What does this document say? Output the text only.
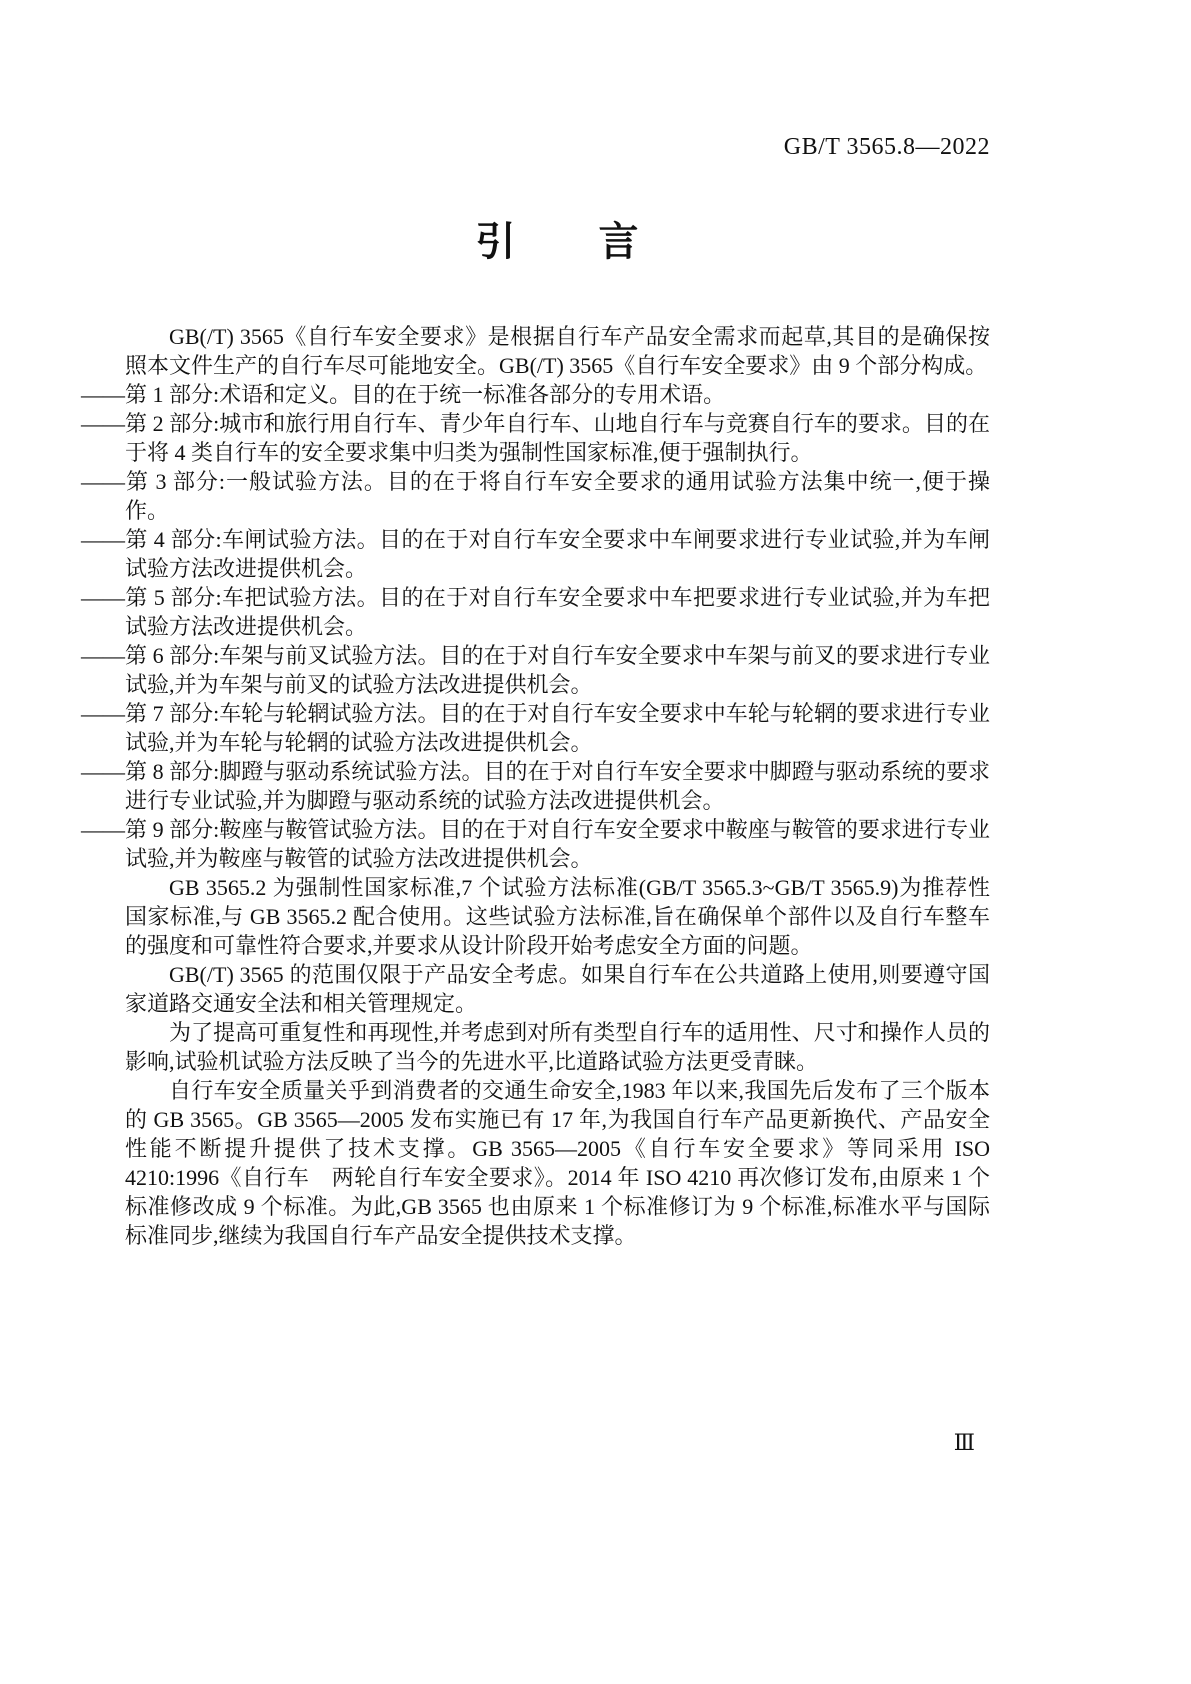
GB/T 3565.8—2022
引　　言

GB(/T) 3565《自行车安全要求》是根据自行车产品安全需求而起草,其目的是确保按照本文件生产的自行车尽可能地安全。GB(/T) 3565《自行车安全要求》由 9 个部分构成。

——第 1 部分:术语和定义。目的在于统一标准各部分的专用术语。

——第 2 部分:城市和旅行用自行车、青少年自行车、山地自行车与竞赛自行车的要求。目的在于将 4 类自行车的安全要求集中归类为强制性国家标准,便于强制执行。

——第 3 部分:一般试验方法。目的在于将自行车安全要求的通用试验方法集中统一,便于操作。

——第 4 部分:车闸试验方法。目的在于对自行车安全要求中车闸要求进行专业试验,并为车闸试验方法改进提供机会。

——第 5 部分:车把试验方法。目的在于对自行车安全要求中车把要求进行专业试验,并为车把试验方法改进提供机会。

——第 6 部分:车架与前叉试验方法。目的在于对自行车安全要求中车架与前叉的要求进行专业试验,并为车架与前叉的试验方法改进提供机会。

——第 7 部分:车轮与轮辋试验方法。目的在于对自行车安全要求中车轮与轮辋的要求进行专业试验,并为车轮与轮辋的试验方法改进提供机会。

——第 8 部分:脚蹬与驱动系统试验方法。目的在于对自行车安全要求中脚蹬与驱动系统的要求进行专业试验,并为脚蹬与驱动系统的试验方法改进提供机会。

——第 9 部分:鞍座与鞍管试验方法。目的在于对自行车安全要求中鞍座与鞍管的要求进行专业试验,并为鞍座与鞍管的试验方法改进提供机会。

GB 3565.2 为强制性国家标准,7 个试验方法标准(GB/T 3565.3~GB/T 3565.9)为推荐性国家标准,与 GB 3565.2 配合使用。这些试验方法标准,旨在确保单个部件以及自行车整车的强度和可靠性符合要求,并要求从设计阶段开始考虑安全方面的问题。

GB(/T) 3565 的范围仅限于产品安全考虑。如果自行车在公共道路上使用,则要遵守国家道路交通安全法和相关管理规定。

为了提高可重复性和再现性,并考虑到对所有类型自行车的适用性、尺寸和操作人员的影响,试验机试验方法反映了当今的先进水平,比道路试验方法更受青睐。

自行车安全质量关乎到消费者的交通生命安全,1983 年以来,我国先后发布了三个版本的 GB 3565。GB 3565—2005 发布实施已有 17 年,为我国自行车产品更新换代、产品安全性能不断提升提供了技术支撑。GB 3565—2005《自行车安全要求》等同采用 ISO 4210:1996《自行车　两轮自行车安全要求》。2014 年 ISO 4210 再次修订发布,由原来 1 个标准修改成 9 个标准。为此,GB 3565 也由原来 1 个标准修订为 9 个标准,标准水平与国际标准同步,继续为我国自行车产品安全提供技术支撑。

Ⅲ
